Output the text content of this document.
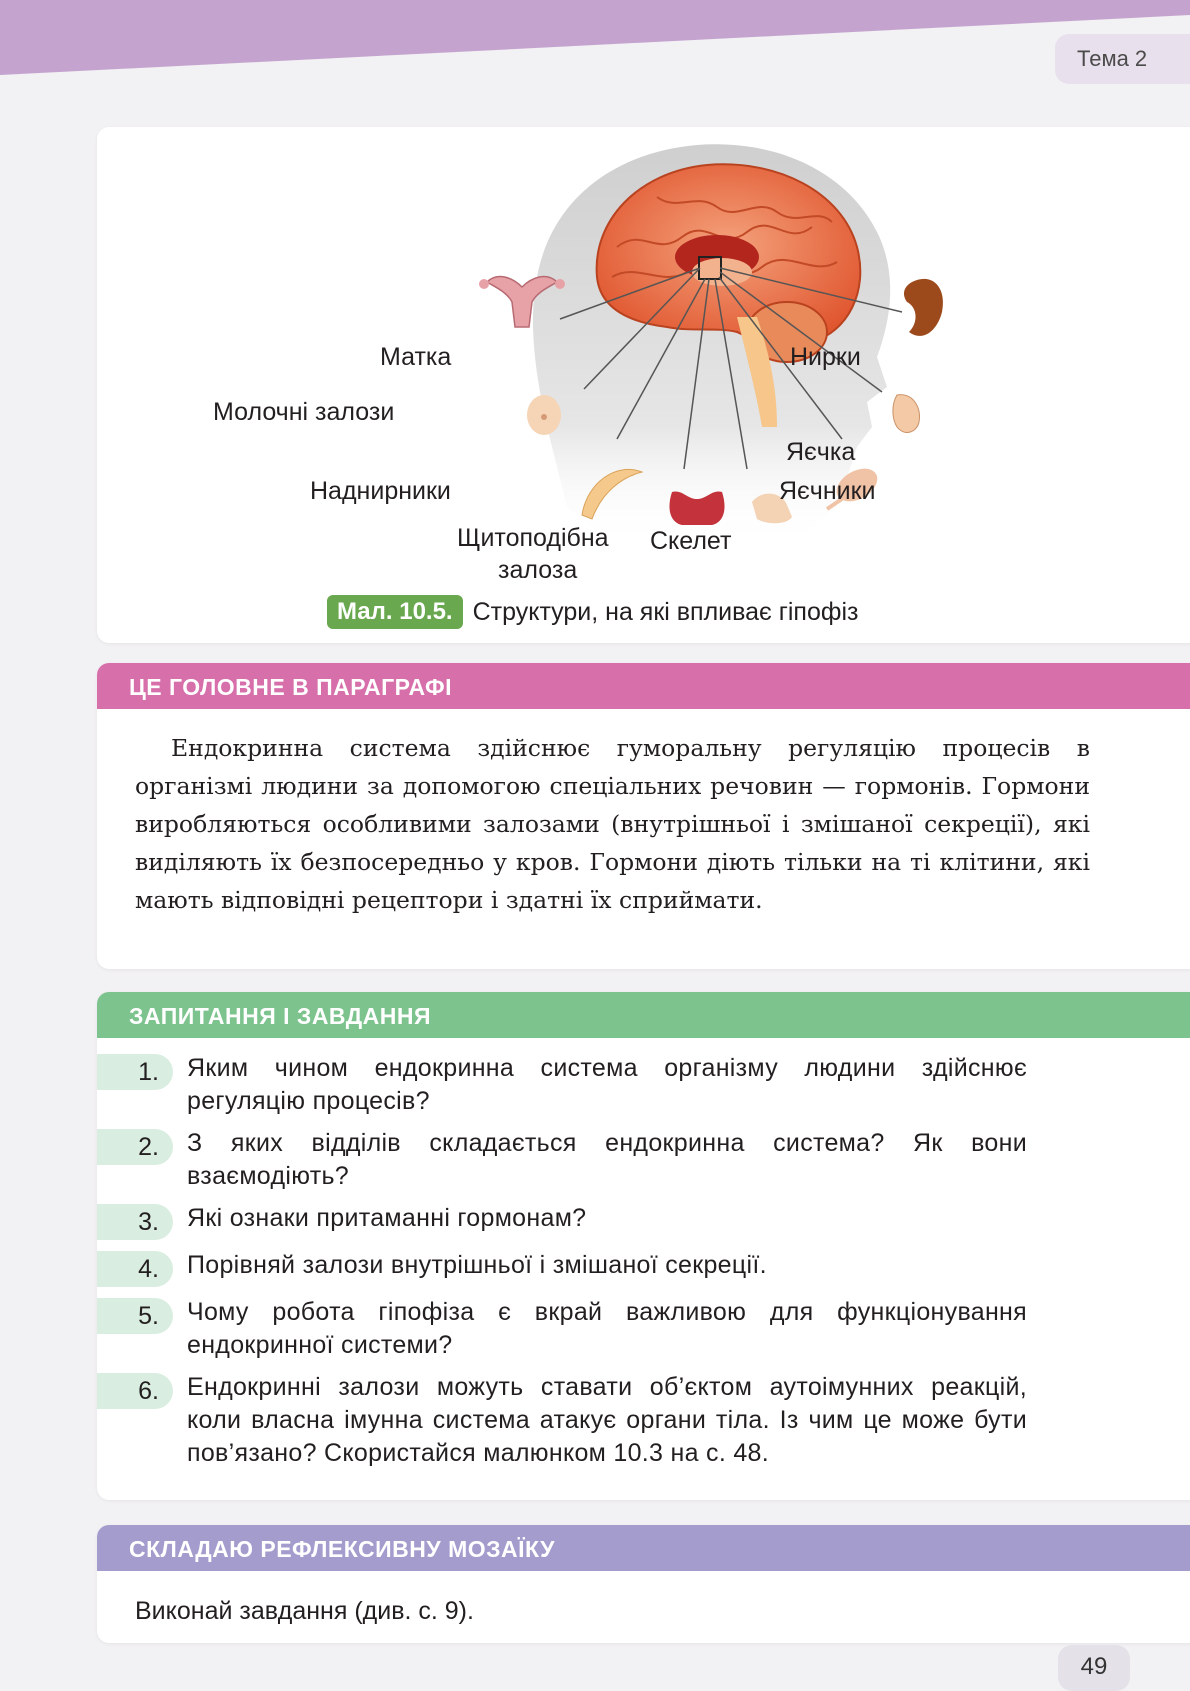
Тема 2
Матка	Нирки
Молочні залози
Яєчка
Наднирники	Яєчники
Щитоподібна
залоза
Скелет
Мал. 10.5. Структури, на які впливає гіпофіз
ЦЕ ГОЛОВНЕ В ПАРАГРАФІ

Ендокринна система здійснює гуморальну регуляцію процесів в організмі людини за допомогою спеціальних речовин — гормонів. Гормони виробляються особливими залозами (внутрішньої і змішаної секреції), які виділяють їх безпосередньо у кров. Гормони діють тільки на ті клітини, які мають відповідні рецептори і здатні їх сприймати.

ЗАПИТАННЯ І ЗАВДАННЯ
1.	Яким чином ендокринна система організму людини здійснює регуляцію процесів?
2.	З яких відділів складається ендокринна система? Як вони взаємодіють?
3.	Які ознаки притаманні гормонам?
4.	Порівняй залози внутрішньої і змішаної секреції.
5.	Чому робота гіпофіза є вкрай важливою для функціонування ендокринної системи?
6.	Ендокринні залози можуть ставати об’єктом аутоімунних реакцій, коли власна імунна система атакує органи тіла. Із чим це може бути пов’язано? Скористайся малюнком 10.3 на с. 48.
СКЛАДАЮ РЕФЛЕКСИВНУ МОЗАЇКУ
Виконай завдання (див. с. 9).
49
